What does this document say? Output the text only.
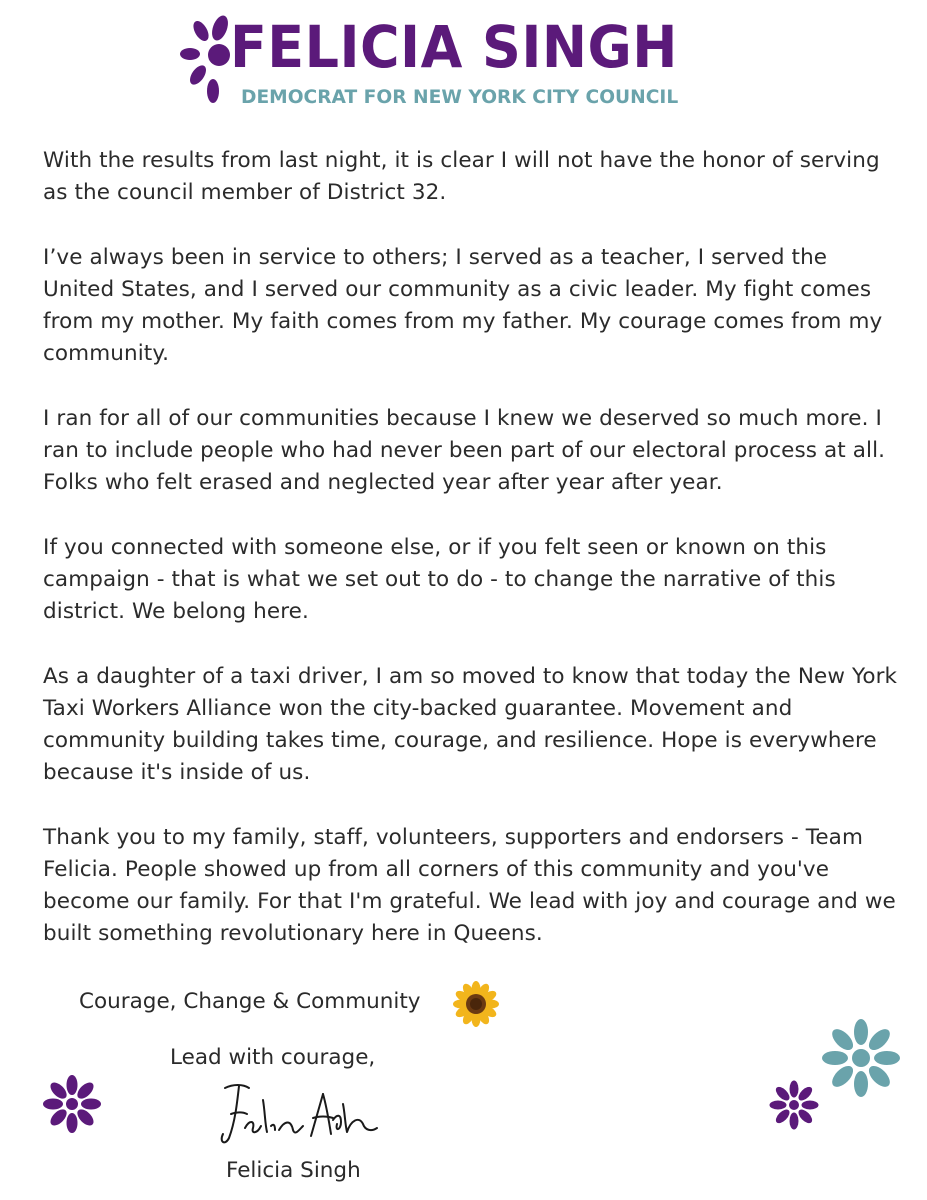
FELICIA SINGH
DEMOCRAT FOR NEW YORK CITY COUNCIL

With the results from last night, it is clear I will not have the honor of serving as the council member of District 32.

I’ve always been in service to others; I served as a teacher, I served the United States, and I served our community as a civic leader. My fight comes from my mother. My faith comes from my father. My courage comes from my community.

I ran for all of our communities because I knew we deserved so much more. I ran to include people who had never been part of our electoral process at all. Folks who felt erased and neglected year after year after year.

If you connected with someone else, or if you felt seen or known on this campaign - that is what we set out to do - to change the narrative of this district. We belong here.

As a daughter of a taxi driver, I am so moved to know that today the New York Taxi Workers Alliance won the city-backed guarantee. Movement and community building takes time, courage, and resilience. Hope is everywhere because it's inside of us.

Thank you to my family, staff, volunteers, supporters and endorsers - Team Felicia. People showed up from all corners of this community and you've become our family. For that I'm grateful. We lead with joy and courage and we built something revolutionary here in Queens.

Courage, Change & Community
Lead with courage,
Felicia Singh
